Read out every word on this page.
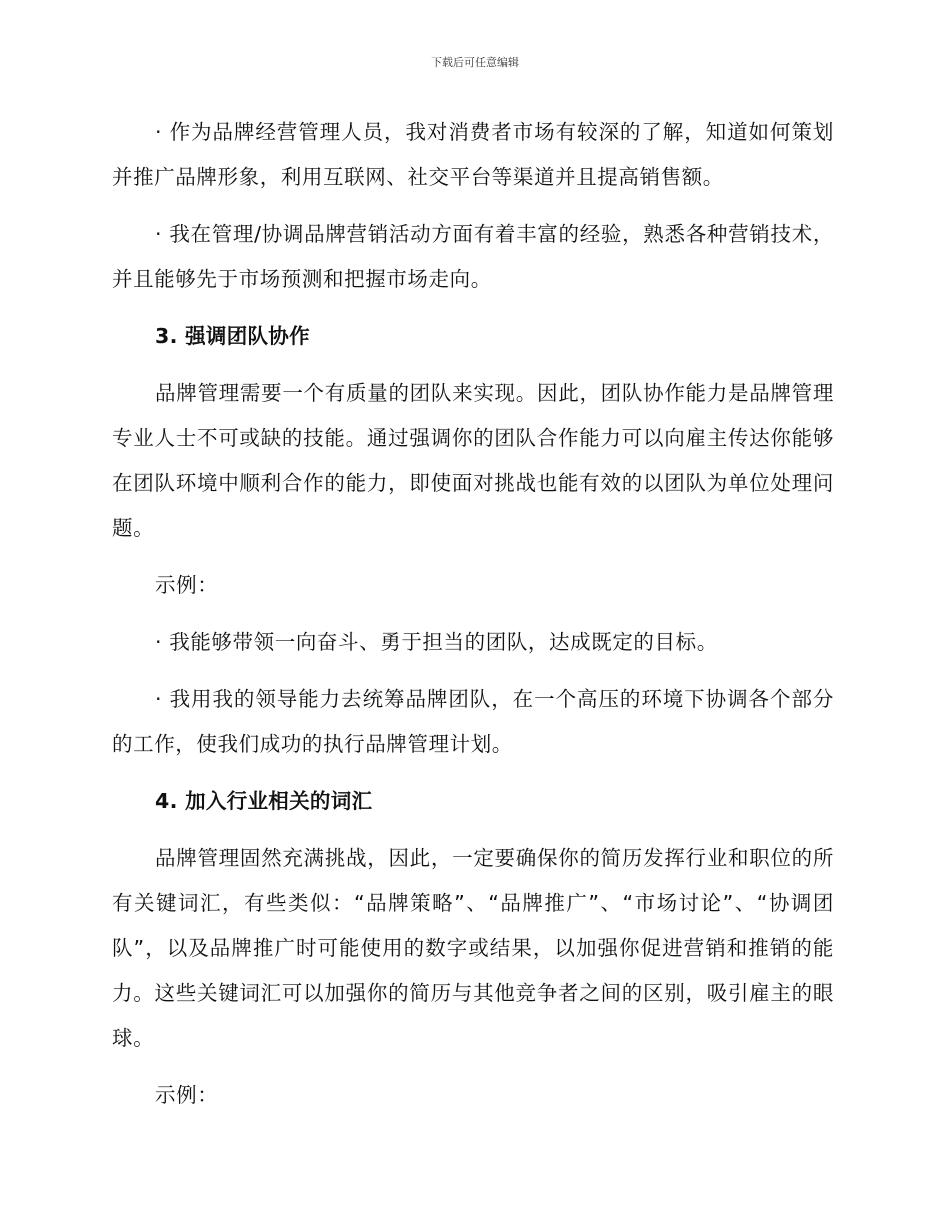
下载后可任意编辑

· 作为品牌经营管理人员，我对消费者市场有较深的了解，知道如何策划并推广品牌形象，利用互联网、社交平台等渠道并且提高销售额。

· 我在管理/协调品牌营销活动方面有着丰富的经验，熟悉各种营销技术，并且能够先于市场预测和把握市场走向。

3. 强调团队协作

品牌管理需要一个有质量的团队来实现。因此，团队协作能力是品牌管理专业人士不可或缺的技能。通过强调你的团队合作能力可以向雇主传达你能够在团队环境中顺利合作的能力，即使面对挑战也能有效的以团队为单位处理问题。

示例：

· 我能够带领一向奋斗、勇于担当的团队，达成既定的目标。

· 我用我的领导能力去统筹品牌团队，在一个高压的环境下协调各个部分的工作，使我们成功的执行品牌管理计划。

4. 加入行业相关的词汇

品牌管理固然充满挑战，因此，一定要确保你的简历发挥行业和职位的所有关键词汇，有些类似：“品牌策略”、“品牌推广”、“市场讨论”、“协调团队”，以及品牌推广时可能使用的数字或结果，以加强你促进营销和推销的能力。这些关键词汇可以加强你的简历与其他竞争者之间的区别，吸引雇主的眼球。

示例：
